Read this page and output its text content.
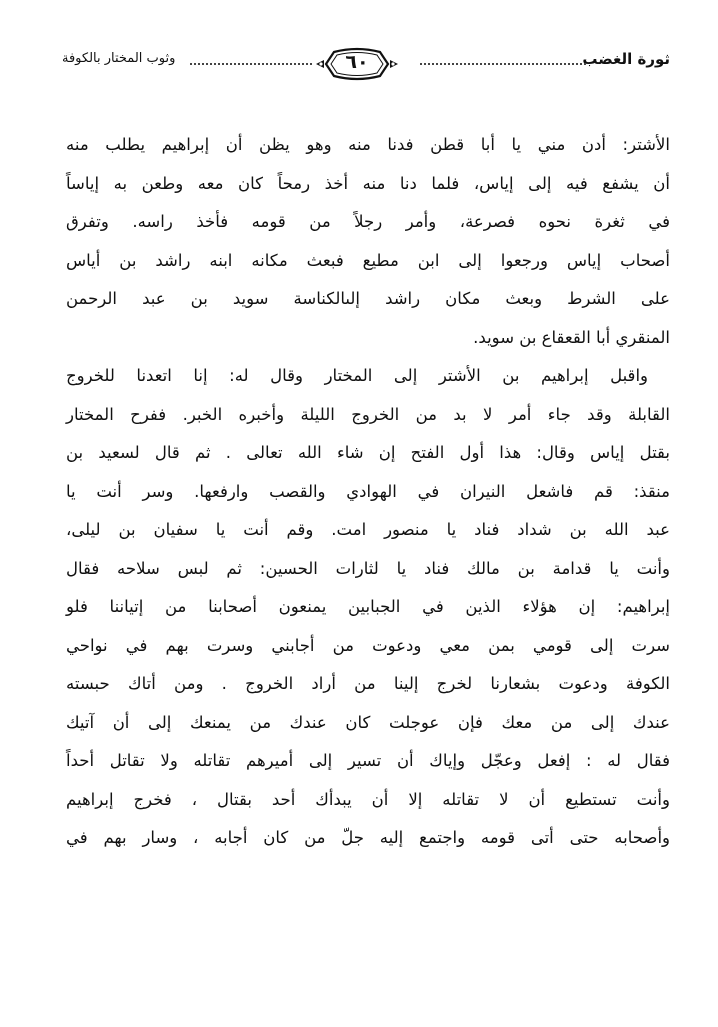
ثورة الغضب
٦٠
وثوب المختار بالكوفة
الأشتر: أدن مني يا أبا قطن فدنا منه وهو يظن أن إبراهيم يطلب منه
أن يشفع فيه إلى إياس، فلما دنا منه أخذ رمحاً كان معه وطعن به إياساً
في ثغرة نحوه فصرعة، وأمر رجلاً من قومه فأخذ راسه. وتفرق
أصحاب إياس ورجعوا إلى ابن مطيع فبعث مكانه ابنه راشد بن أياس
على الشرط وبعث مكان راشد إلىالكناسة سويد بن عبد الرحمن
المنقري أبا القعقاع بن سويد.
واقبل إبراهيم بن الأشتر إلى المختار وقال له: إنا اتعدنا للخروج
القابلة وقد جاء أمر لا بد من الخروج الليلة وأخبره الخبر. ففرح المختار
بقتل إياس وقال: هذا أول الفتح إن شاء الله تعالى . ثم قال لسعيد بن
منقذ: قم فاشعل النيران في الهوادي والقصب وارفعها. وسر أنت يا
عبد الله بن شداد فناد يا منصور امت. وقم أنت يا سفيان بن ليلى،
وأنت يا قدامة بن مالك فناد يا لثارات الحسين: ثم لبس سلاحه فقال
إبراهيم: إن هؤلاء الذين في الجبابين يمنعون أصحابنا من إتياننا فلو
سرت إلى قومي بمن معي ودعوت من أجابني وسرت بهم في نواحي
الكوفة ودعوت بشعارنا لخرج إلينا من أراد الخروج . ومن أتاك حبسته
عندك إلى من معك فإن عوجلت كان عندك من يمنعك إلى أن آتيك
فقال له : إفعل وعجّل وإياك أن تسير إلى أميرهم تقاتله ولا تقاتل أحداً
وأنت تستطيع أن لا تقاتله إلا أن يبدأك أحد بقتال ، فخرج إبراهيم
وأصحابه حتى أتى قومه واجتمع إليه جلّ من كان أجابه ، وسار بهم في
